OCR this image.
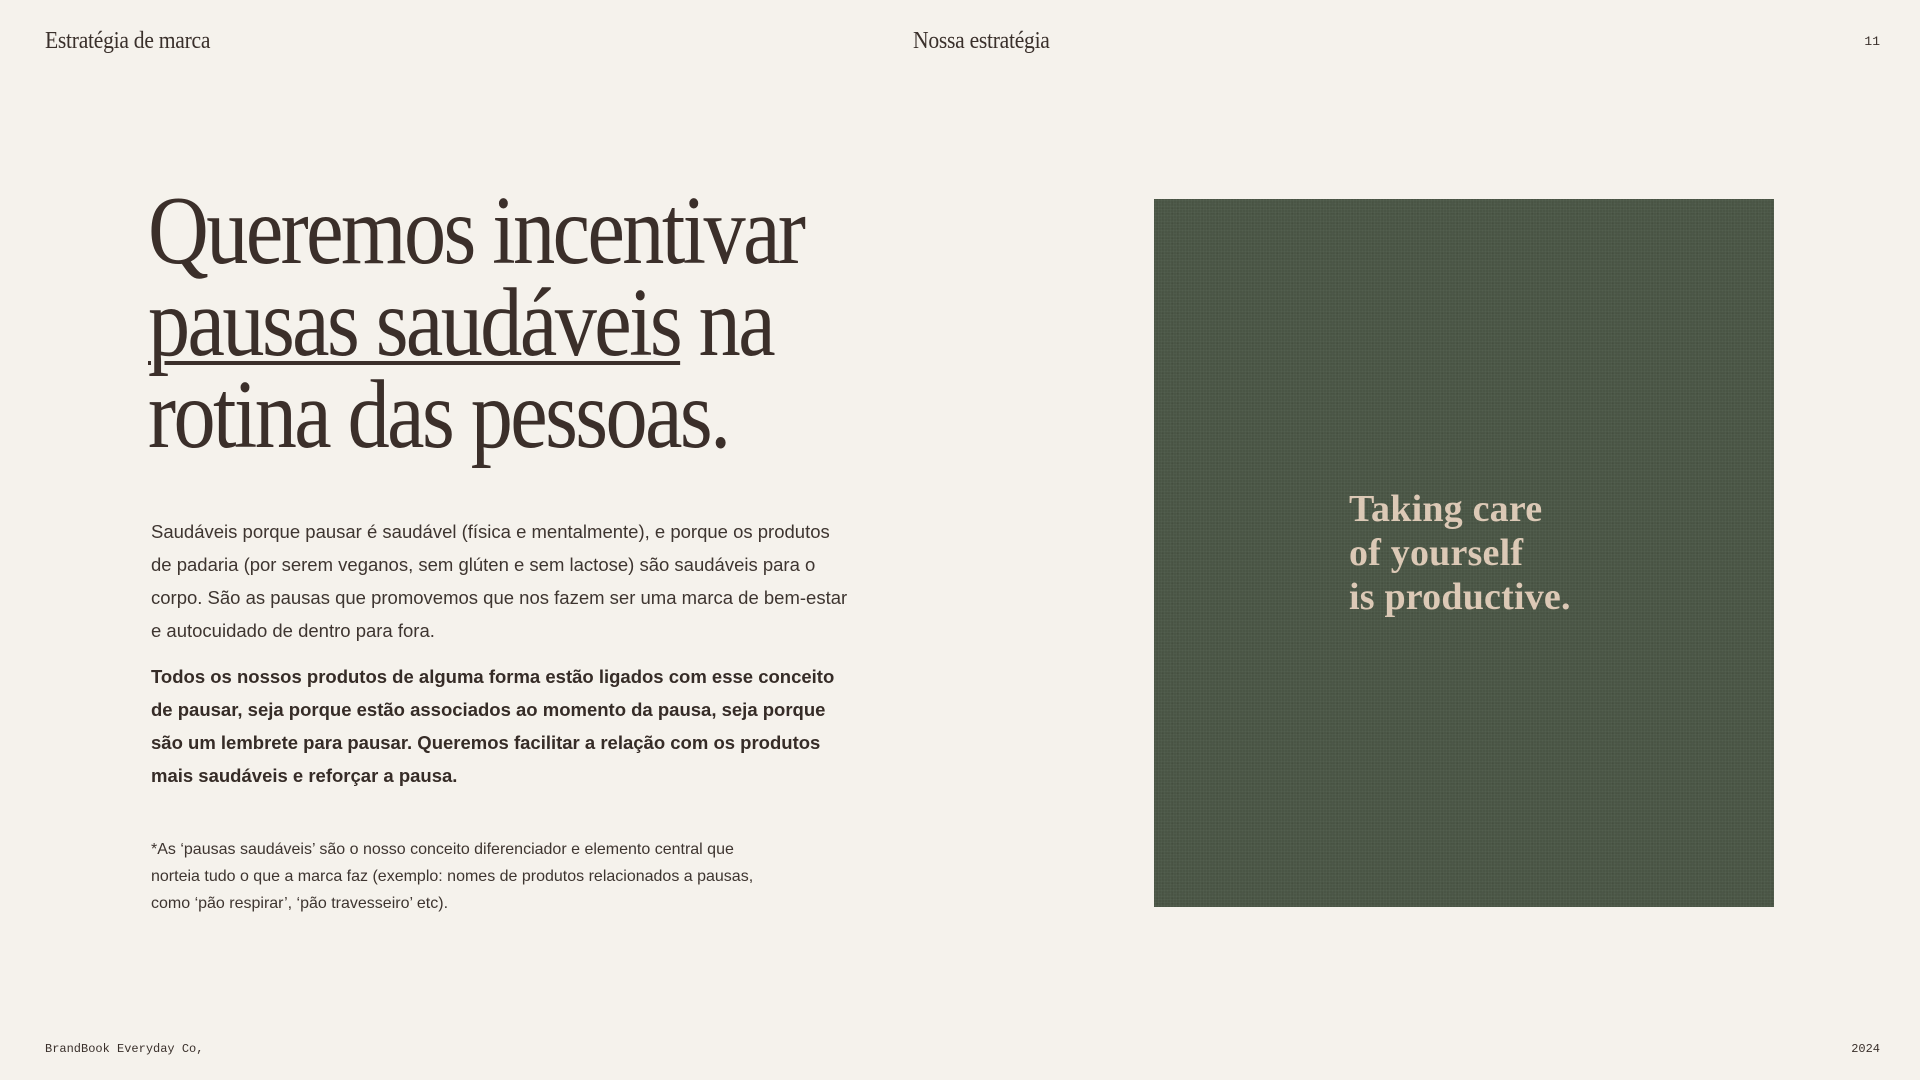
Estratégia de marca	Nossa estratégia	11
Queremos incentivar
pausas saudáveis na
rotina das pessoas.

Saudáveis porque pausar é saudável (física e mentalmente), e porque os produtos de padaria (por serem veganos, sem glúten e sem lactose) são saudáveis para o corpo. São as pausas que promovemos que nos fazem ser uma marca de bem-estar e autocuidado de dentro para fora.

Todos os nossos produtos de alguma forma estão ligados com esse conceito de pausar, seja porque estão associados ao momento da pausa, seja porque são um lembrete para pausar. Queremos facilitar a relação com os produtos mais saudáveis e reforçar a pausa.

*As ‘pausas saudáveis’ são o nosso conceito diferenciador e elemento central que norteia tudo o que a marca faz (exemplo: nomes de produtos relacionados a pausas, como ‘pão respirar’, ‘pão travesseiro’ etc).

Taking care
of yourself
is productive.

BrandBook Everyday Co,	2024
